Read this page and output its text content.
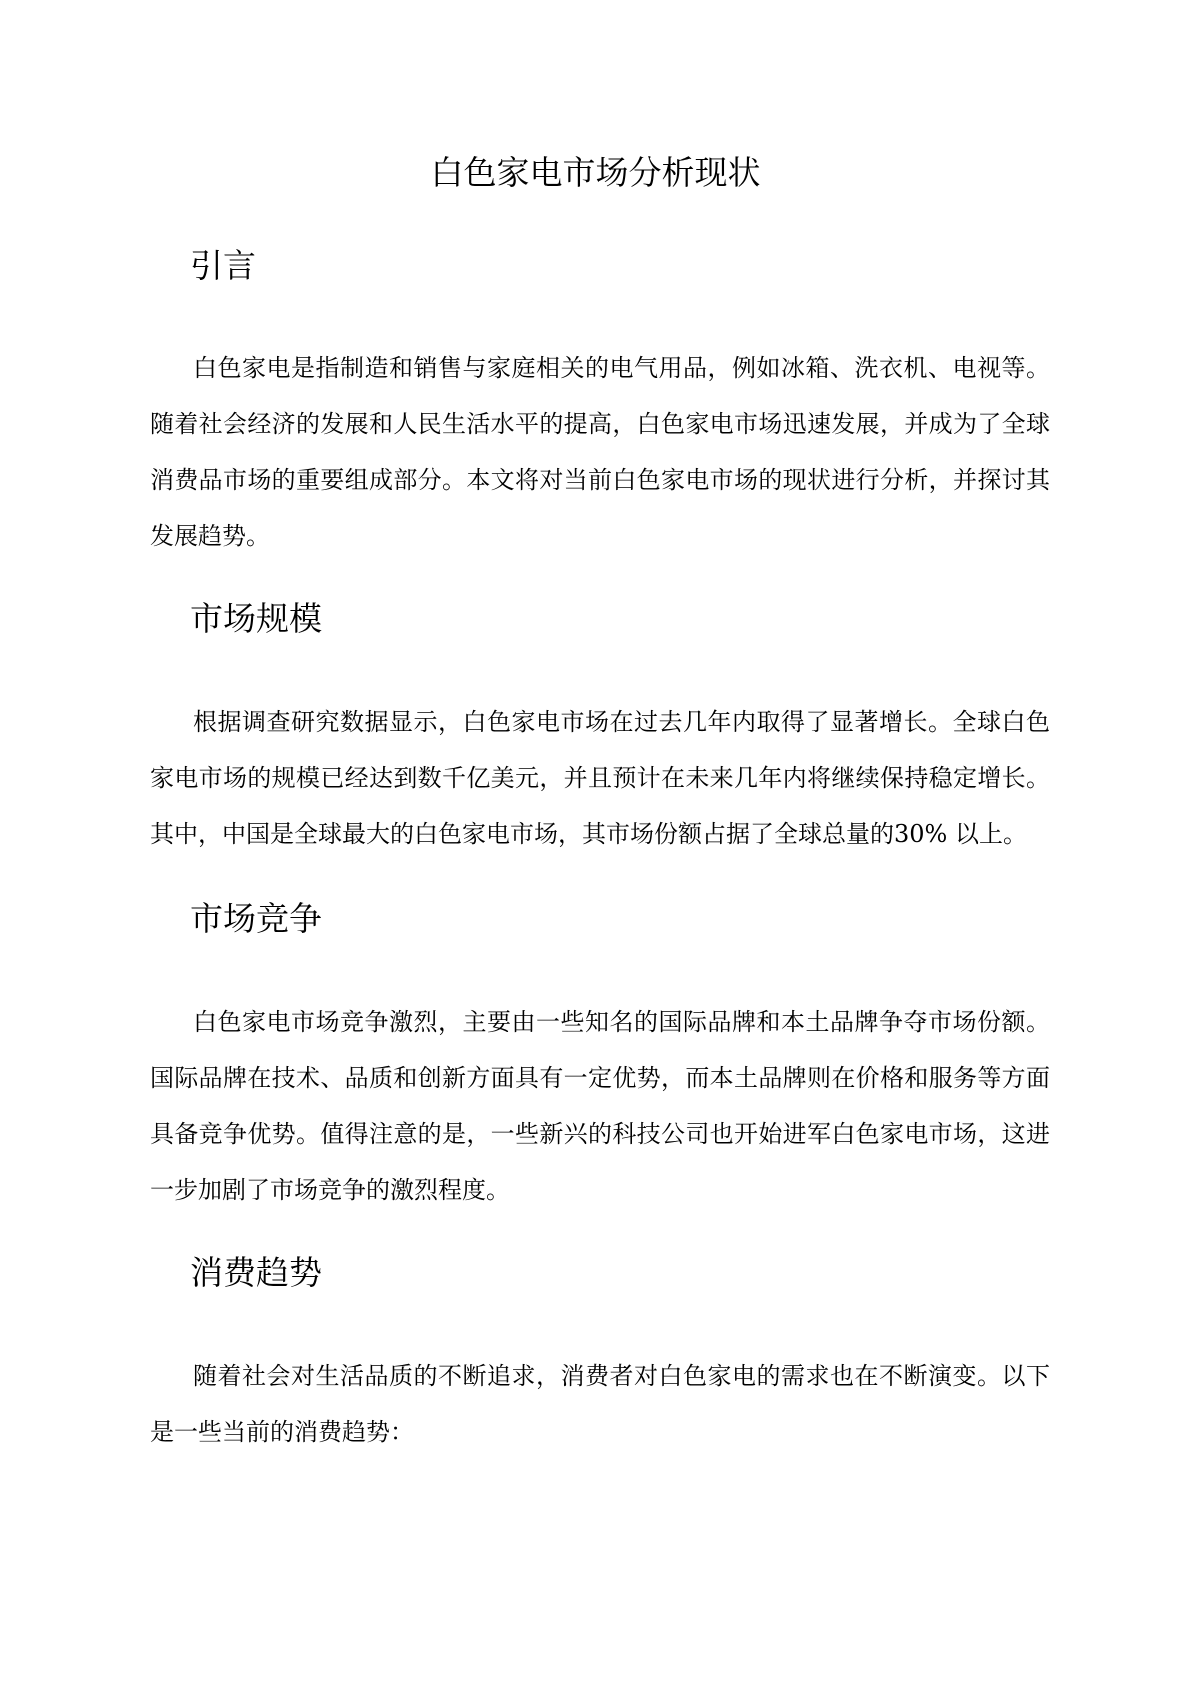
白色家电市场分析现状
引言

白色家电是指制造和销售与家庭相关的电气用品，例如冰箱、洗衣机、电视等。随着社会经济的发展和人民生活水平的提高，白色家电市场迅速发展，并成为了全球消费品市场的重要组成部分。本文将对当前白色家电市场的现状进行分析，并探讨其发展趋势。

市场规模

根据调查研究数据显示，白色家电市场在过去几年内取得了显著增长。全球白色家电市场的规模已经达到数千亿美元，并且预计在未来几年内将继续保持稳定增长。其中，中国是全球最大的白色家电市场，其市场份额占据了全球总量的30% 以上。

市场竞争

白色家电市场竞争激烈，主要由一些知名的国际品牌和本土品牌争夺市场份额。国际品牌在技术、品质和创新方面具有一定优势，而本土品牌则在价格和服务等方面具备竞争优势。值得注意的是，一些新兴的科技公司也开始进军白色家电市场，这进一步加剧了市场竞争的激烈程度。

消费趋势

随着社会对生活品质的不断追求，消费者对白色家电的需求也在不断演变。以下是一些当前的消费趋势：
